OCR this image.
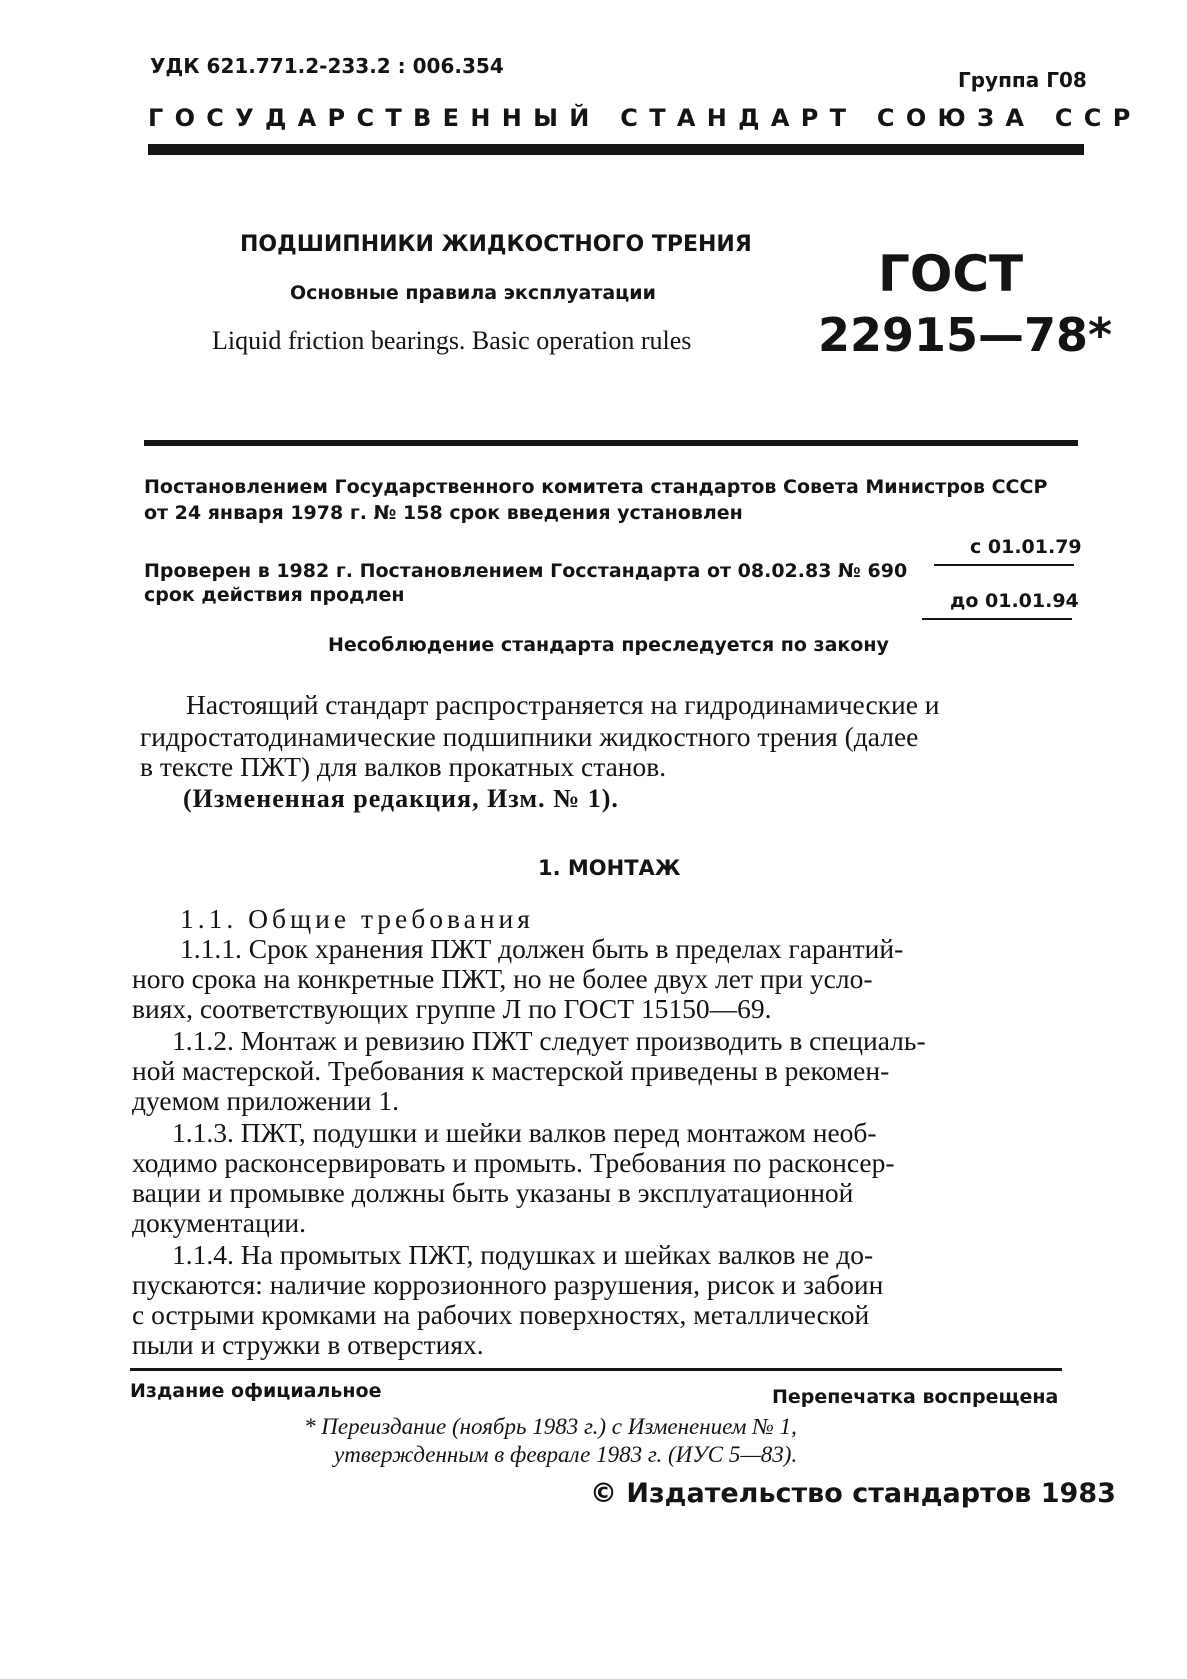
УДК 621.771.2-233.2 : 006.354
Группа Г08
ГОСУДАРСТВЕННЫЙ СТАНДАРТ СОЮЗА ССР
ПОДШИПНИКИ ЖИДКОСТНОГО ТРЕНИЯ
Основные правила эксплуатации
Liquid friction bearings. Basic operation rules
ГОСТ
22915—78*
Постановлением Государственного комитета стандартов Совета Министров СССР
от 24 января 1978 г. № 158 срок введения установлен
с 01.01.79
Проверен в 1982 г. Постановлением Госстандарта от 08.02.83 № 690
срок действия продлен	до 01.01.94
Несоблюдение стандарта преследуется по закону
Настоящий стандарт распространяется на гидродинамические и
гидростатодинамические подшипники жидкостного трения (далее
в тексте ПЖТ) для валков прокатных станов.
(Измененная редакция, Изм. № 1).
1. МОНТАЖ
1.1. Общие требования
1.1.1. Срок хранения ПЖТ должен быть в пределах гарантий-
ного срока на конкретные ПЖТ, но не более двух лет при усло-
виях, соответствующих группе Л по ГОСТ 15150—69.
1.1.2. Монтаж и ревизию ПЖТ следует производить в специаль-
ной мастерской. Требования к мастерской приведены в рекомен-
дуемом приложении 1.
1.1.3. ПЖТ, подушки и шейки валков перед монтажом необ-
ходимо расконсервировать и промыть. Требования по расконсер-
вации и промывке должны быть указаны в эксплуатационной
документации.
1.1.4. На промытых ПЖТ, подушках и шейках валков не до-
пускаются: наличие коррозионного разрушения, рисок и забоин
с острыми кромками на рабочих поверхностях, металлической
пыли и стружки в отверстиях.
Издание официальное	Перепечатка воспрещена
* Переиздание (ноябрь 1983 г.) с Изменением № 1,
утвержденным в феврале 1983 г. (ИУС 5—83).
© Издательство стандартов 1983
